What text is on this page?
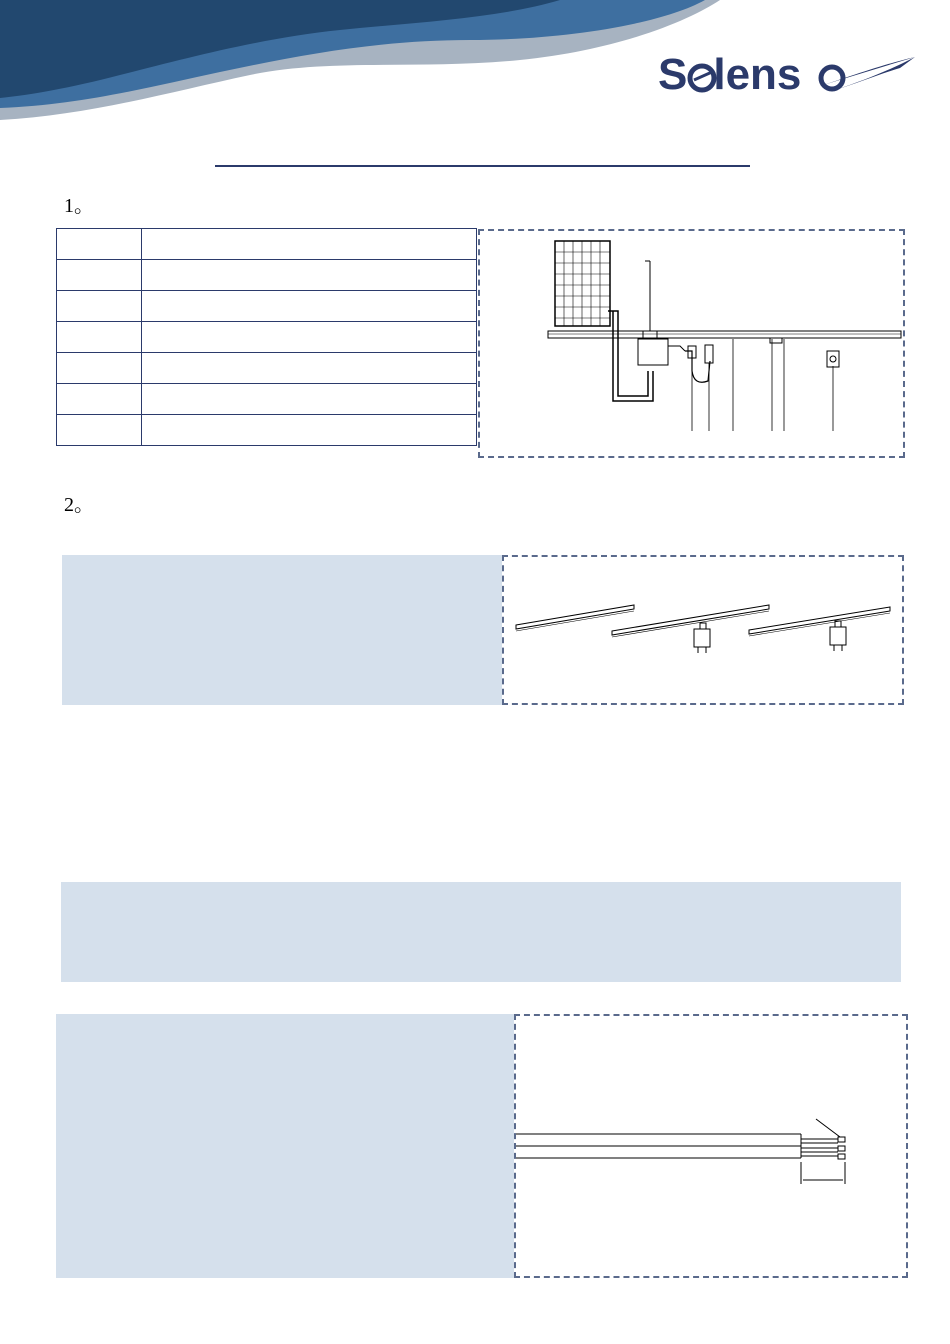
S lens
1。

2。
